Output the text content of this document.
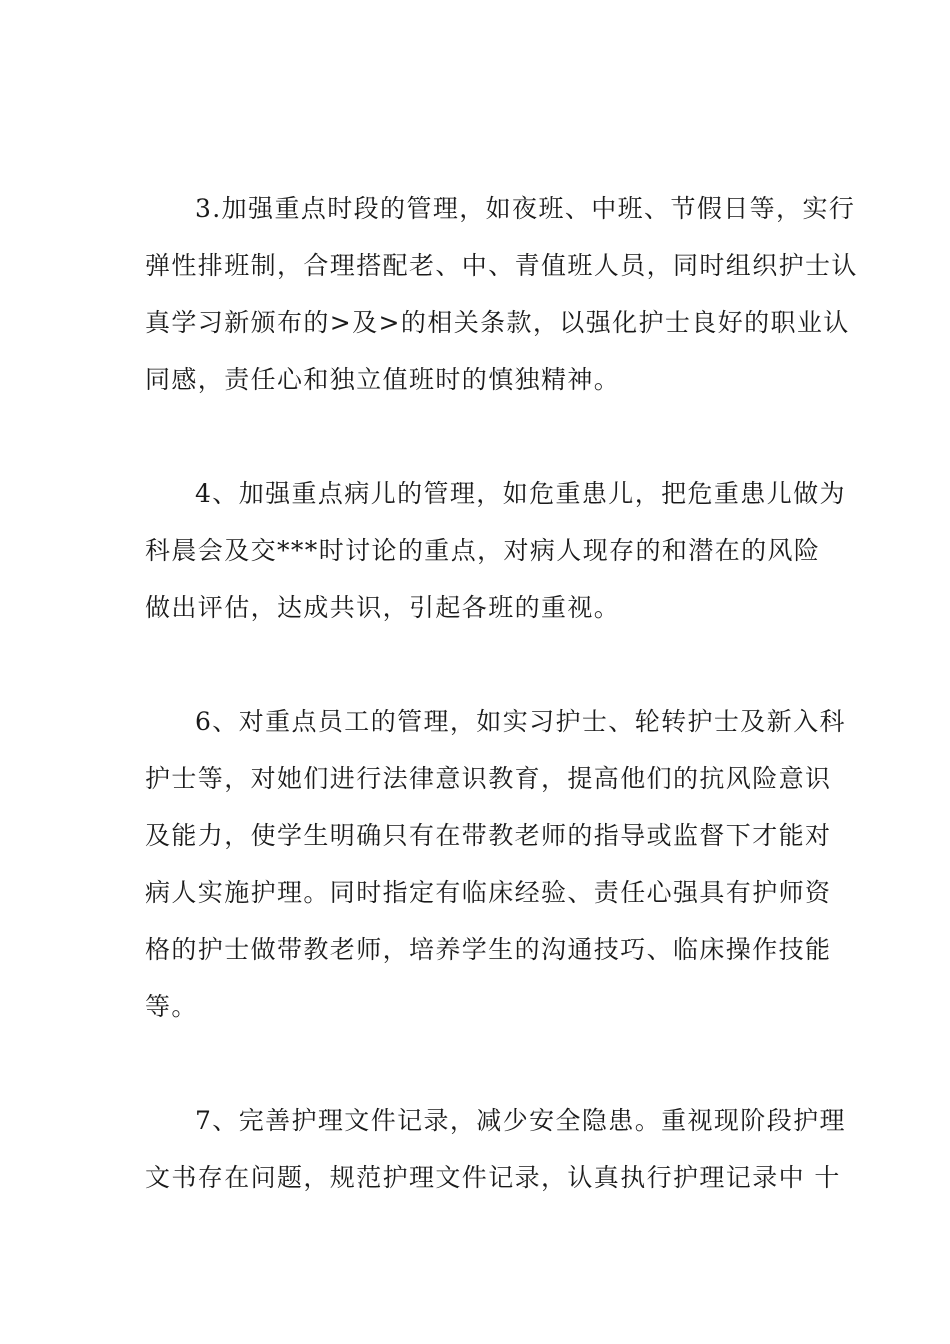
3.加强重点时段的管理，如夜班、中班、节假日等，实行

弹性排班制，合理搭配老、中、青值班人员，同时组织护士认

真学习新颁布的>及>的相关条款，以强化护士良好的职业认

同感，责任心和独立值班时的慎独精神。

4、加强重点病儿的管理，如危重患儿，把危重患儿做为

科晨会及交***时讨论的重点，对病人现存的和潜在的风险

做出评估，达成共识，引起各班的重视。

6、对重点员工的管理，如实习护士、轮转护士及新入科

护士等，对她们进行法律意识教育，提高他们的抗风险意识

及能力，使学生明确只有在带教老师的指导或监督下才能对

病人实施护理。同时指定有临床经验、责任心强具有护师资

格的护士做带教老师，培养学生的沟通技巧、临床操作技能

等。

7、完善护理文件记录，减少安全隐患。重视现阶段护理

文书存在问题，规范护理文件记录，认真执行护理记录中 十
